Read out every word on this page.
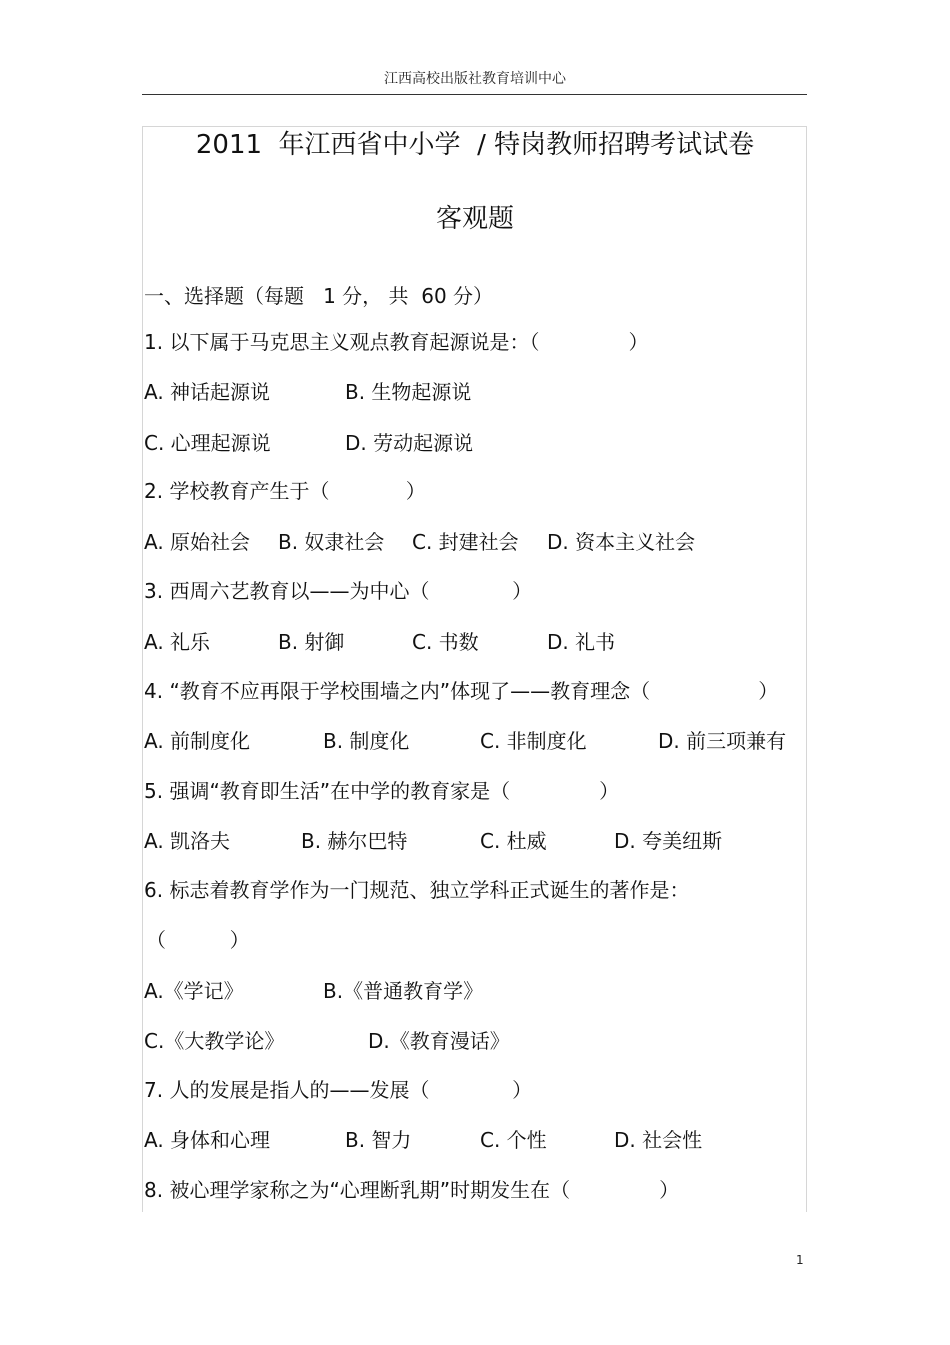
江西高校出版社教育培训中心
2011  年江西省中小学  / 特岗教师招聘考试试卷
客观题
一、选择题（每题   1 分， 共  60 分）
1. 以下属于马克思主义观点教育起源说是：（              ）
A. 神话起源说	B. 生物起源说
C. 心理起源说	D. 劳动起源说
2. 学校教育产生于（            ）
A. 原始社会 B. 奴隶社会 C. 封建社会 D. 资本主义社会
3. 西周六艺教育以——为中心（             ）
A. 礼乐	B. 射御	C. 书数	D. 礼书
4. “教育不应再限于学校围墙之内”体现了——教育理念（                 ）
A. 前制度化	B. 制度化	C. 非制度化	D. 前三项兼有
5. 强调“教育即生活”在中学的教育家是（              ）
A. 凯洛夫	B. 赫尔巴特	C. 杜威	D. 夸美纽斯
6. 标志着教育学作为一门规范、独立学科正式诞生的著作是：
（          ）
A.《学记》	B.《普通教育学》
C.《大教学论》	D.《教育漫话》
7. 人的发展是指人的——发展（             ）
A. 身体和心理	B. 智力	C. 个性	D. 社会性
8. 被心理学家称之为“心理断乳期”时期发生在（              ）
1
